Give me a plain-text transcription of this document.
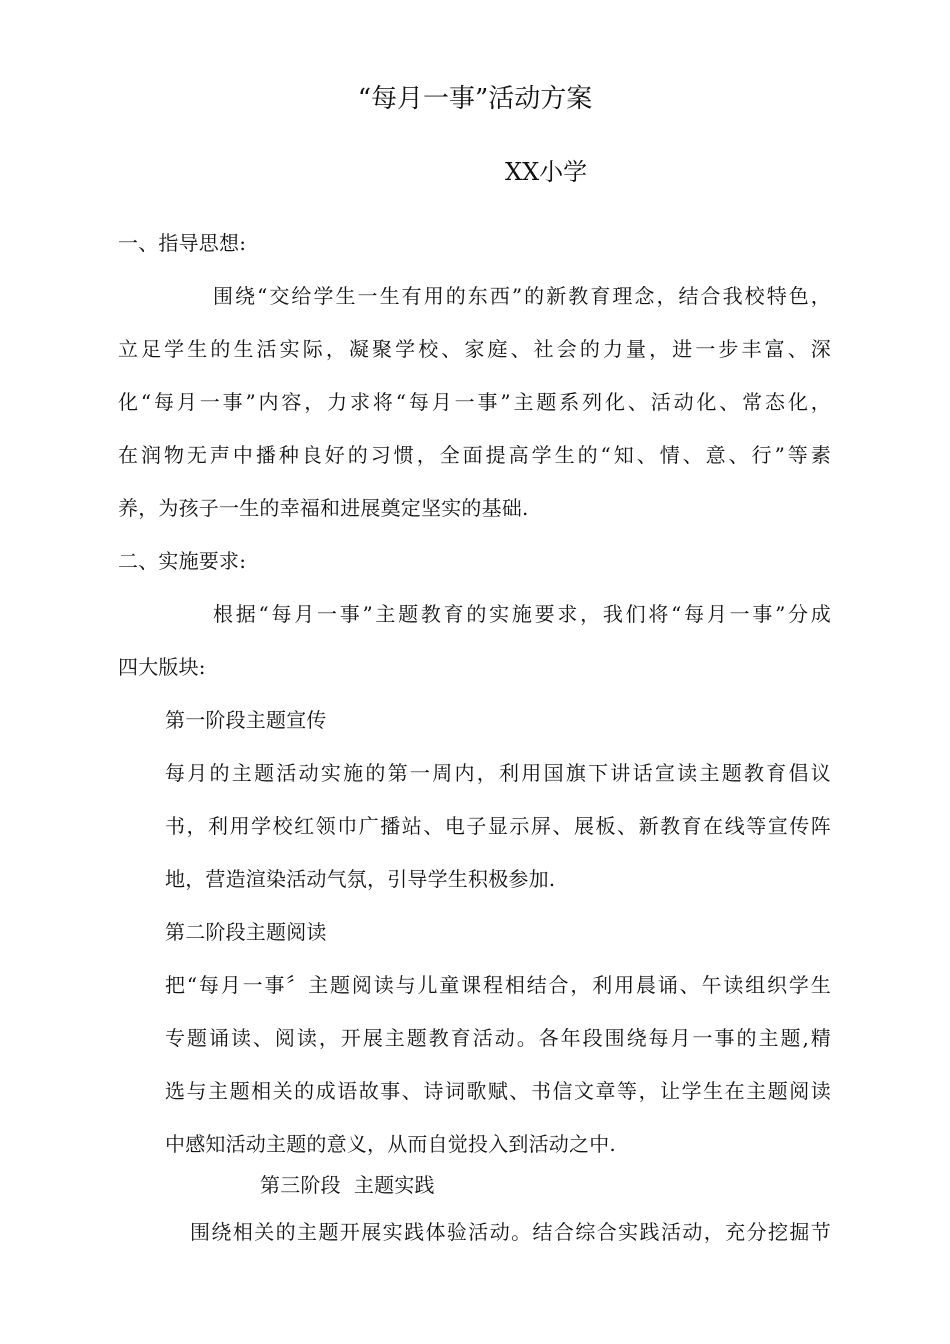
“每月一事”活动方案
XX小学
一、指导思想:
围绕“交给学生一生有用的东西”的新教育理念，结合我校特色，
立足学生的生活实际，凝聚学校、家庭、社会的力量，进一步丰富、深
化“每月一事”内容，力求将“每月一事”主题系列化、活动化、常态化，
在润物无声中播种良好的习惯，全面提高学生的“知、情、意、行”等素
养，为孩子一生的幸福和进展奠定坚实的基础.
二、实施要求:
根据“每月一事”主题教育的实施要求，我们将“每月一事”分成
四大版块:
第一阶段主题宣传
每月的主题活动实施的第一周内，利用国旗下讲话宣读主题教育倡议
书，利用学校红领巾广播站、电子显示屏、展板、新教育在线等宣传阵
地，营造渲染活动气氛，引导学生积极参加.
第二阶段主题阅读
把“每月一事〞主题阅读与儿童课程相结合，利用晨诵、午读组织学生
专题诵读、阅读，开展主题教育活动。各年段围绕每月一事的主题,精
选与主题相关的成语故事、诗词歌赋、书信文章等，让学生在主题阅读
中感知活动主题的意义，从而自觉投入到活动之中.
第三阶段  主题实践
围绕相关的主题开展实践体验活动。结合综合实践活动，充分挖掘节
